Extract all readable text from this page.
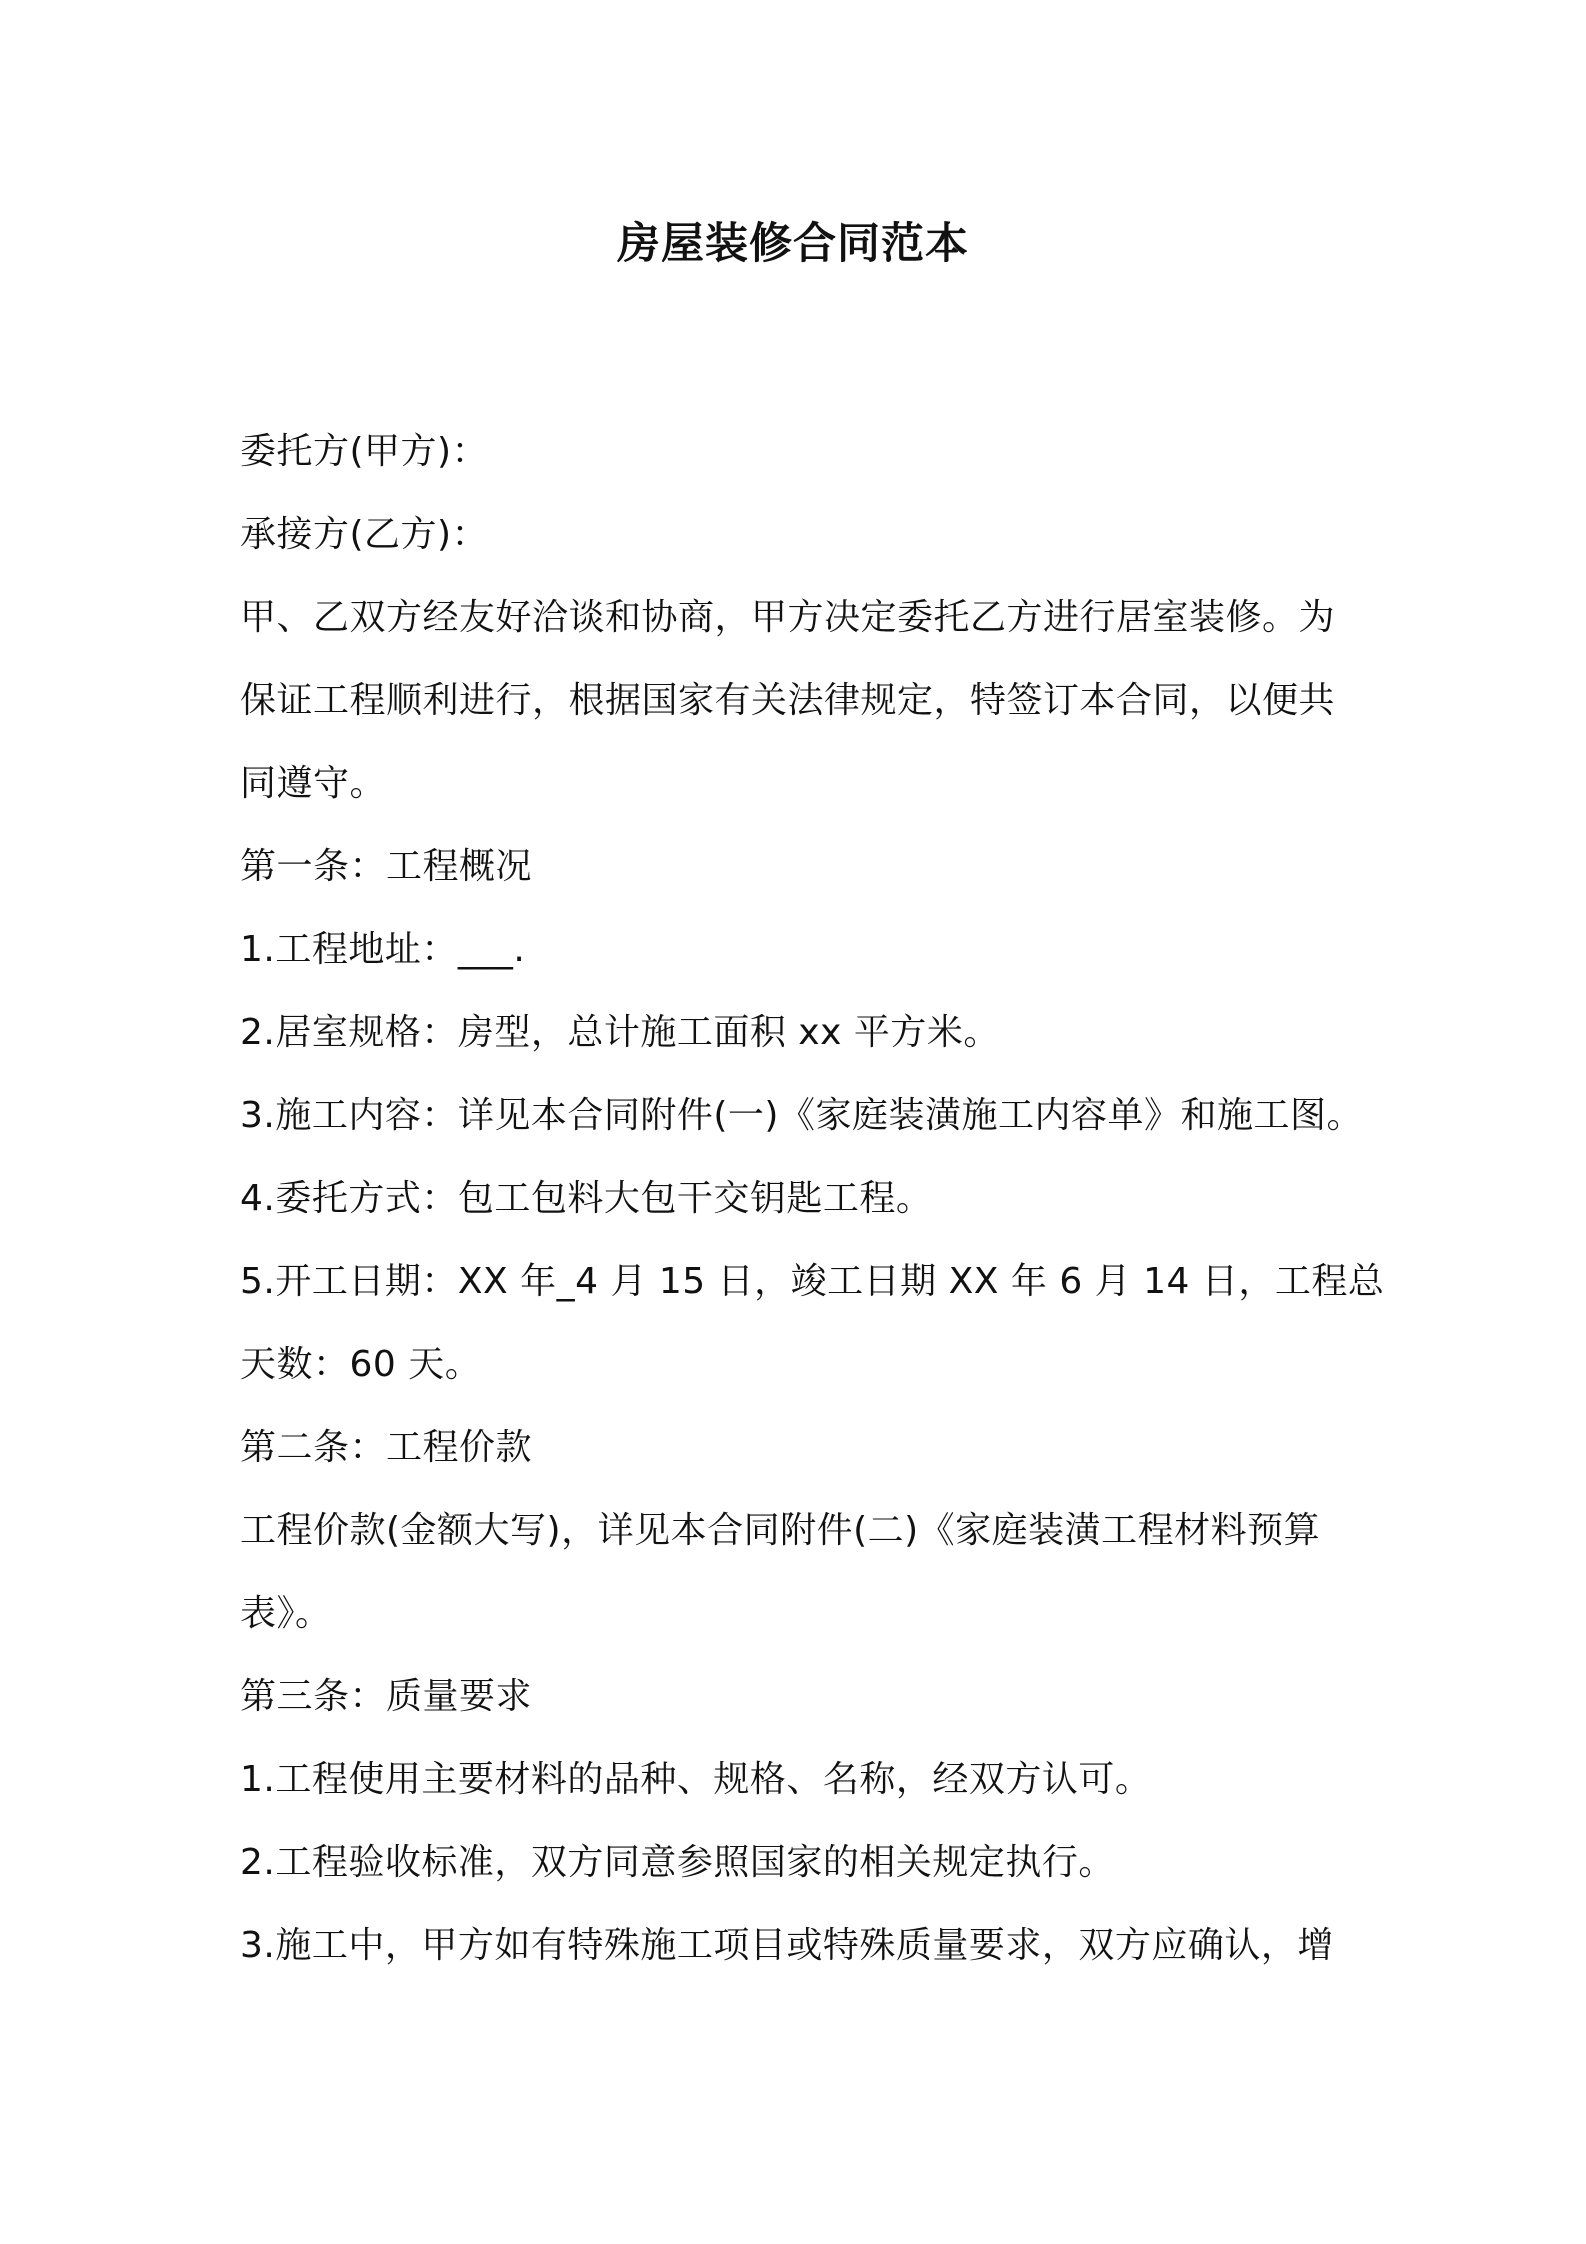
房屋装修合同范本
委托方(甲方)：
承接方(乙方)：
甲、乙双方经友好洽谈和协商，甲方决定委托乙方进行居室装修。为
保证工程顺利进行，根据国家有关法律规定，特签订本合同，以便共
同遵守。
第一条：工程概况
1.工程地址：___.
2.居室规格：房型，总计施工面积 xx 平方米。
3.施工内容：详见本合同附件(一)《家庭装潢施工内容单》和施工图。
4.委托方式：包工包料大包干交钥匙工程。
5.开工日期：XX 年_4 月 15 日，竣工日期 XX 年 6 月 14 日，工程总
天数：60 天。
第二条：工程价款
工程价款(金额大写)，详见本合同附件(二)《家庭装潢工程材料预算
表》。
第三条：质量要求
1.工程使用主要材料的品种、规格、名称，经双方认可。
2.工程验收标准，双方同意参照国家的相关规定执行。
3.施工中，甲方如有特殊施工项目或特殊质量要求，双方应确认，增
